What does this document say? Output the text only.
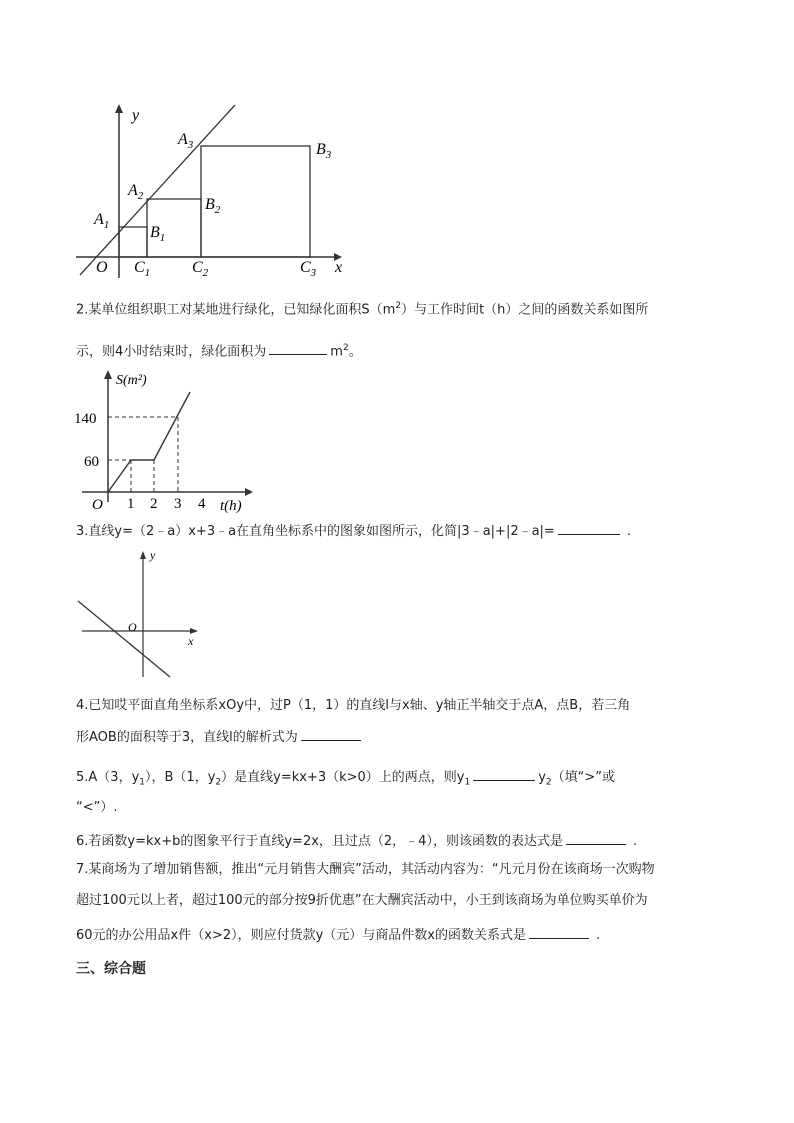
y
x
O
$A_1$	$B_1$
$C_1$
$A_2$	$B_2$
$C_2$
$A_3$	$B_3$
$C_3$
2.某单位组织职工对某地进行绿化，已知绿化面积$S(m^2)$与工作时间t（h）之间的函数关系如图所
示，则4小时结束时，绿化面积为	$m^2$。
S(m²)
t(h)
O
140
60
1 2 3 4
3.直线y=（2﹣a）x+3﹣a在直角坐标系中的图象如图所示，化简|3﹣a|+|2﹣a|=	.
y
x
O
4.已知哎平面直角坐标系xOy中，过P（1，1）的直线l与x轴、y轴正半轴交于点A，点B，若三角
形AOB的面积等于3，直线l的解析式为
5.A（3，$y_1$），B（1，$y_2$）是直线y=kx+3（k>0）上的两点，则$y_1$	$y_2$（填“>”或
“<”）.
6.若函数y=kx+b的图象平行于直线y=2x，且过点（2，﹣4），则该函数的表达式是	.
7.某商场为了增加销售额，推出“元月销售大酬宾”活动，其活动内容为：“凡元月份在该商场一次购物
超过100元以上者，超过100元的部分按9折优惠”在大酬宾活动中，小王到该商场为单位购买单价为
60元的办公用品x件（x>2），则应付货款y（元）与商品件数x的函数关系式是	.
三、综合题
